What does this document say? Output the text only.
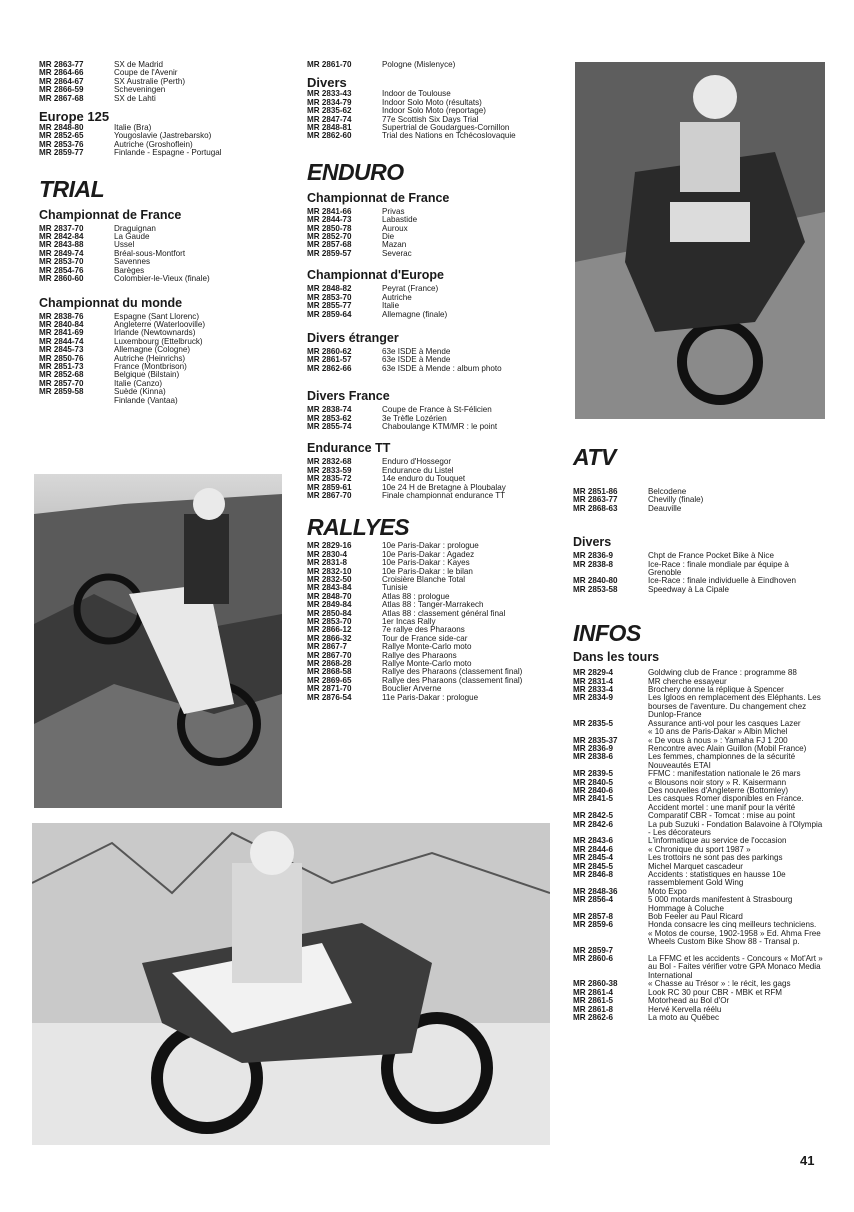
MR 2863-77	SX de Madrid
MR 2864-66	Coupe de l'Avenir
MR 2864-67	SX Australie (Perth)
MR 2866-59	Scheveningen
MR 2867-68	SX de Lahti
Europe 125
MR 2848-80	Italie (Bra)
MR 2852-65	Yougoslavie (Jastrebarsko)
MR 2853-76	Autriche (Groshoflein)
MR 2859-77	Finlande - Espagne - Portugal
TRIAL
Championnat de France
MR 2837-70	Draguignan
MR 2842-84	La Gaude
MR 2843-88	Ussel
MR 2849-74	Bréal-sous-Montfort
MR 2853-70	Savennes
MR 2854-76	Barèges
MR 2860-60	Colombier-le-Vieux (finale)
Championnat du monde
MR 2838-76	Espagne (Sant Llorenc)
MR 2840-84	Angleterre (Waterlooville)
MR 2841-69	Irlande (Newtownards)
MR 2844-74	Luxembourg (Ettelbruck)
MR 2845-73	Allemagne (Cologne)
MR 2850-76	Autriche (Heinrichs)
MR 2851-73	France (Montbrison)
MR 2852-68	Belgique (Bilstain)
MR 2857-70	Italie (Canzo)
MR 2859-58	Suède (Kinna)
Finlande (Vantaa)
MR 2861-70	Pologne (Mislenyce)
Divers
MR 2833-43	Indoor de Toulouse
MR 2834-79	Indoor Solo Moto (résultats)
MR 2835-62	Indoor Solo Moto (reportage)
MR 2847-74	77e Scottish Six Days Trial
MR 2848-81	Supertrial de Goudargues-Cornillon
MR 2862-60	Trial des Nations en Tchécoslovaquie
ENDURO
Championnat de France
MR 2841-66	Privas
MR 2844-73	Labastide
MR 2850-78	Auroux
MR 2852-70	Die
MR 2857-68	Mazan
MR 2859-57	Severac
Championnat d'Europe
MR 2848-82	Peyrat (France)
MR 2853-70	Autriche
MR 2855-77	Italie
MR 2859-64	Allemagne (finale)
Divers étranger
MR 2860-62	63e ISDE à Mende
MR 2861-57	63e ISDE à Mende
MR 2862-66	63e ISDE à Mende : album photo
Divers France
MR 2838-74	Coupe de France à St-Félicien
MR 2853-62	3e Trèfle Lozérien
MR 2855-74	Chaboulange KTM/MR : le point
Endurance TT
MR 2832-68	Enduro d'Hossegor
MR 2833-59	Endurance du Listel
MR 2835-72	14e enduro du Touquet
MR 2859-61	10e 24 H de Bretagne à Ploubalay
MR 2867-70	Finale championnat endurance TT
RALLYES
MR 2829-16	10e Paris-Dakar : prologue
MR 2830-4	10e Paris-Dakar : Agadez
MR 2831-8	10e Paris-Dakar : Kayes
MR 2832-10	10e Paris-Dakar : le bilan
MR 2832-50	Croisière Blanche Total
MR 2843-84	Tunisie
MR 2848-70	Atlas 88 : prologue
MR 2849-84	Atlas 88 : Tanger-Marrakech
MR 2850-84	Atlas 88 : classement général final
MR 2853-70	1er Incas Rally
MR 2866-12	7e rallye des Pharaons
MR 2866-32	Tour de France side-car
MR 2867-7	Rallye Monte-Carlo moto
MR 2867-70	Rallye des Pharaons
MR 2868-28	Rallye Monte-Carlo moto
MR 2868-58	Rallye des Pharaons (classement final)
MR 2869-65	Rallye des Pharaons (classement final)
MR 2871-70	Bouclier Arverne
MR 2876-54	11e Paris-Dakar : prologue
ATV
MR 2851-86	Belcodene
MR 2863-77	Chevilly (finale)
MR 2868-63	Deauville
Divers
MR 2836-9	Chpt de France Pocket Bike à Nice
MR 2838-8	Ice-Race : finale mondiale par équipe à Grenoble
MR 2840-80	Ice-Race : finale individuelle à Eindhoven
MR 2853-58	Speedway à La Cipale
INFOS
Dans les tours
MR 2829-4	Goldwing club de France : programme 88
MR 2831-4	MR cherche essayeur
MR 2833-4	Brochery donne la réplique à Spencer
MR 2834-9	Les Igloos en remplacement des Eléphants. Les bourses de l'aventure. Du changement chez Dunlop-France
MR 2835-5	Assurance anti-vol pour les casques Lazer
« 10 ans de Paris-Dakar » Albin Michel
MR 2835-37	« De vous à nous » : Yamaha FJ 1 200
MR 2836-9	Rencontre avec Alain Guillon (Mobil France)
MR 2838-6	Les femmes, championnes de la sécurité Nouveautés ETAI
MR 2839-5	FFMC : manifestation nationale le 26 mars
MR 2840-5	« Blousons noir story » R. Kaisermann
MR 2840-6	Des nouvelles d'Angleterre (Bottomley)
MR 2841-5	Les casques Romer disponibles en France. Accident mortel : une manif pour la vérité
MR 2842-5	Comparatif CBR - Tomcat : mise au point
MR 2842-6	La pub Suzuki - Fondation Balavoine à l'Olympia - Les décorateurs
MR 2843-6	L'informatique au service de l'occasion
MR 2844-6	« Chronique du sport 1987 »
MR 2845-4	Les trottoirs ne sont pas des parkings
MR 2845-5	Michel Marquet cascadeur
MR 2846-8	Accidents : statistiques en hausse 10e rassemblement Gold Wing
MR 2848-36	Moto Expo
MR 2856-4	5 000 motards manifestent à Strasbourg Hommage à Coluche
MR 2857-8	Bob Feeler au Paul Ricard
MR 2859-6	Honda consacre les cinq meilleurs techniciens.
« Motos de course, 1902-1958 » Ed. Ahma Free Wheels Custom Bike Show 88 - Transal p.
MR 2859-7
MR 2860-6	La FFMC et les accidents - Concours « Mot'Art » au Bol - Faites vérifier votre GPA Monaco Media International
MR 2860-38	« Chasse au Trésor » : le récit, les gags
MR 2861-4	Look RC 30 pour CBR - MBK et RFM
MR 2861-5	Motorhead au Bol d'Or
MR 2861-8	Hervé Kervella réélu
MR 2862-6	La moto au Québec
41
